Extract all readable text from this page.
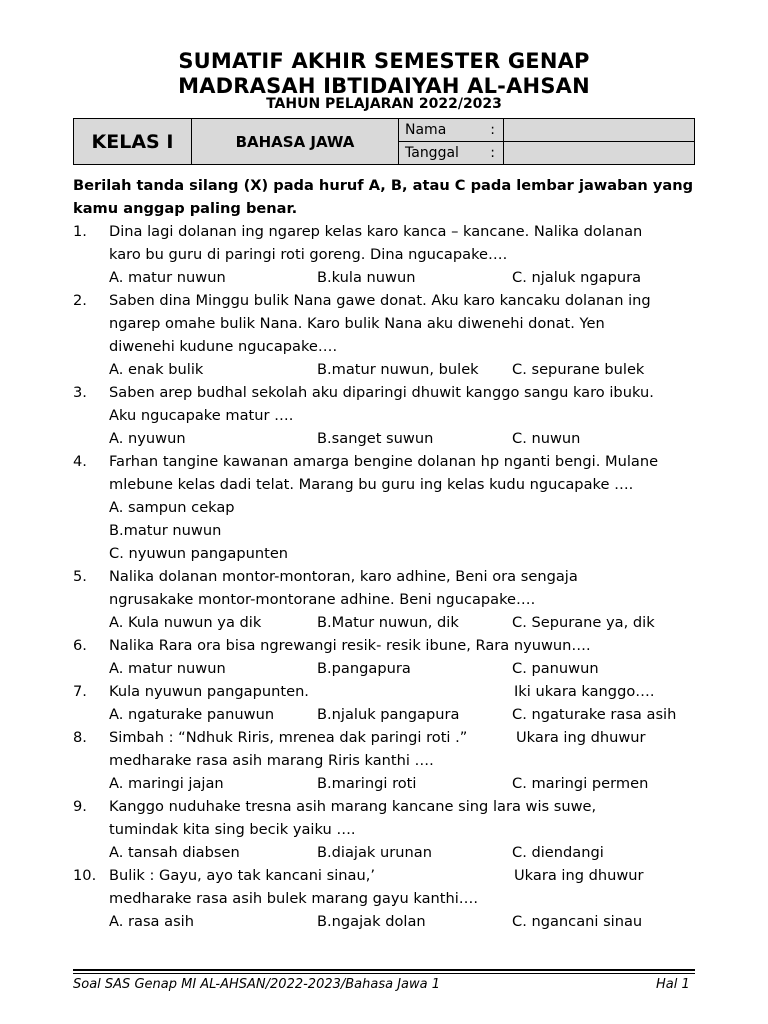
SUMATIF AKHIR SEMESTER GENAP
MADRASAH IBTIDAIYAH AL-AHSAN
TAHUN PELAJARAN 2022/2023
KELAS I	BAHASA JAWA	Nama :	

		Tanggal :	

Berilah tanda silang (X) pada huruf A, B, atau C pada lembar jawaban yang kamu anggap paling benar.

1. Dina lagi dolanan ing ngarep kelas karo kanca – kancane. Nalika dolanan
karo bu guru di paringi roti goreng. Dina ngucapake….
A. matur nuwun	B.kula nuwun	C. njaluk ngapura
2. Saben dina Minggu bulik Nana gawe donat. Aku karo kancaku dolanan ing
ngarep omahe bulik Nana. Karo bulik Nana aku diwenehi donat. Yen
diwenehi kudune ngucapake….
A. enak bulik	B.matur nuwun, bulek C. sepurane bulek
3. Saben arep budhal sekolah aku diparingi dhuwit kanggo sangu karo ibuku.
Aku ngucapake matur ….
A. nyuwun	B.sanget suwun	C. nuwun
4. Farhan tangine kawanan amarga bengine dolanan hp nganti bengi. Mulane
mlebune kelas dadi telat. Marang bu guru ing kelas kudu ngucapake ….
A. sampun cekap
B.matur nuwun
C. nyuwun pangapunten
5. Nalika dolanan montor-montoran, karo adhine, Beni ora sengaja
ngrusakake montor-montorane adhine. Beni ngucapake….
A. Kula nuwun ya dik	B.Matur nuwun, dik	C. Sepurane ya, dik
6. Nalika Rara ora bisa ngrewangi resik- resik ibune, Rara nyuwun….
A. matur nuwun	B.pangapura	C. panuwun
7. Kula nyuwun pangapunten.	Iki ukara kanggo….
A. ngaturake panuwun	B.njaluk pangapura	C. ngaturake rasa asih
8. Simbah : “Ndhuk Riris, mrenea dak paringi roti .”	Ukara ing dhuwur
medharake rasa asih marang Riris kanthi ….
A. maringi jajan	B.maringi roti	C. maringi permen
9. Kanggo nuduhake tresna asih marang kancane sing lara wis suwe,
tumindak kita sing becik yaiku ….
A. tansah diabsen	B.diajak urunan	C. diendangi
10. Bulik : Gayu, ayo tak kancani sinau,’	Ukara ing dhuwur
medharake rasa asih bulek marang gayu kanthi….
A. rasa asih	B.ngajak dolan	C. ngancani sinau
Soal SAS Genap MI AL-AHSAN/2022-2023/Bahasa Jawa 1	Hal 1
